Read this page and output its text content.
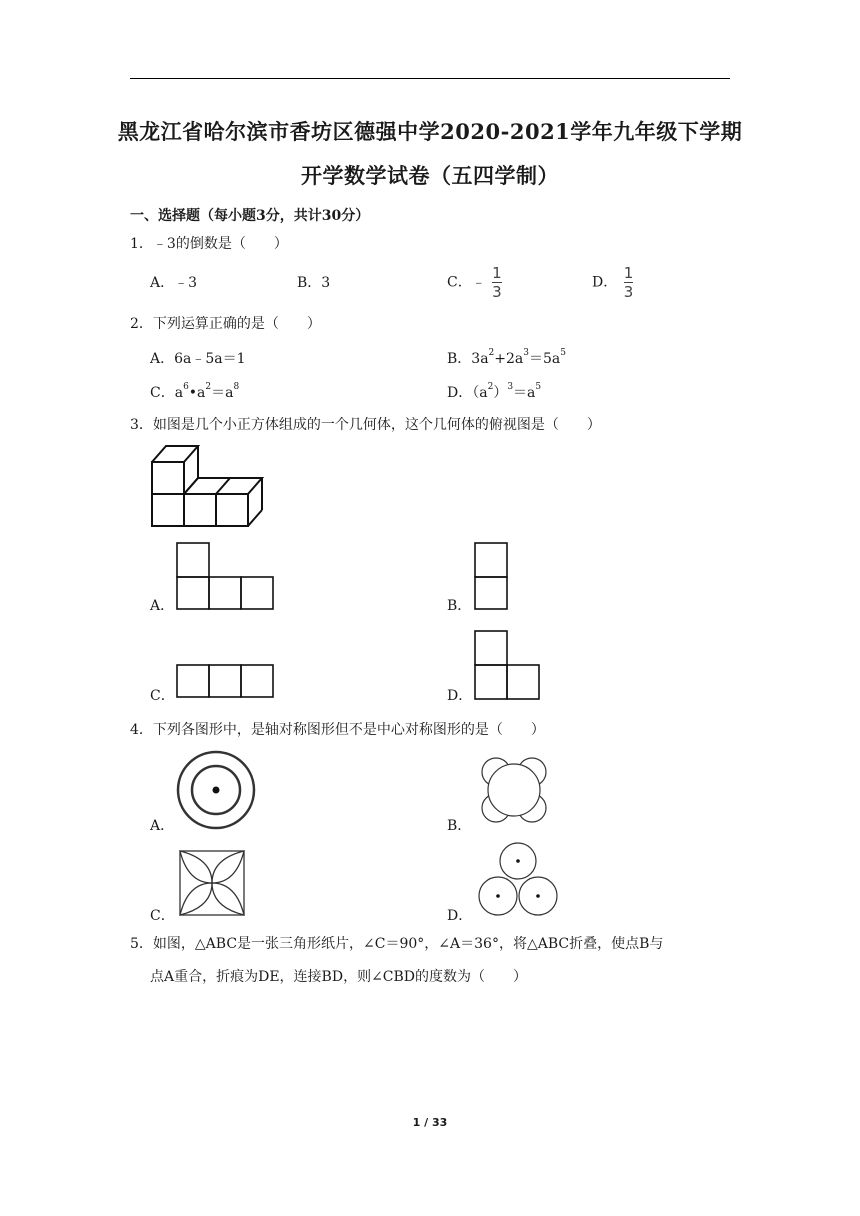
黑龙江省哈尔滨市香坊区德强中学2020-2021学年九年级下学期
开学数学试卷（五四学制）
一、选择题（每小题3分，共计30分）
1．﹣3的倒数是（　　）
A．﹣3	B．3	C．﹣ $\frac{1}{3}$	D． $\frac{1}{3}$
2．下列运算正确的是（　　）
A．6a﹣5a＝1	B．$3a^2+2a^3=5a^5$
C．$a^6•a^2=a^8$	D．$(a^2)^3=a^5$
3．如图是几个小正方体组成的一个几何体，这个几何体的俯视图是（　　）
A．	B．
C．	D．
4．下列各图形中，是轴对称图形但不是中心对称图形的是（　　）
A．	B．
C．	D．
5．如图，△ABC是一张三角形纸片，∠C＝90°，∠A＝36°，将△ABC折叠，使点B与
点A重合，折痕为DE，连接BD，则∠CBD的度数为（　　）
1 / 33
